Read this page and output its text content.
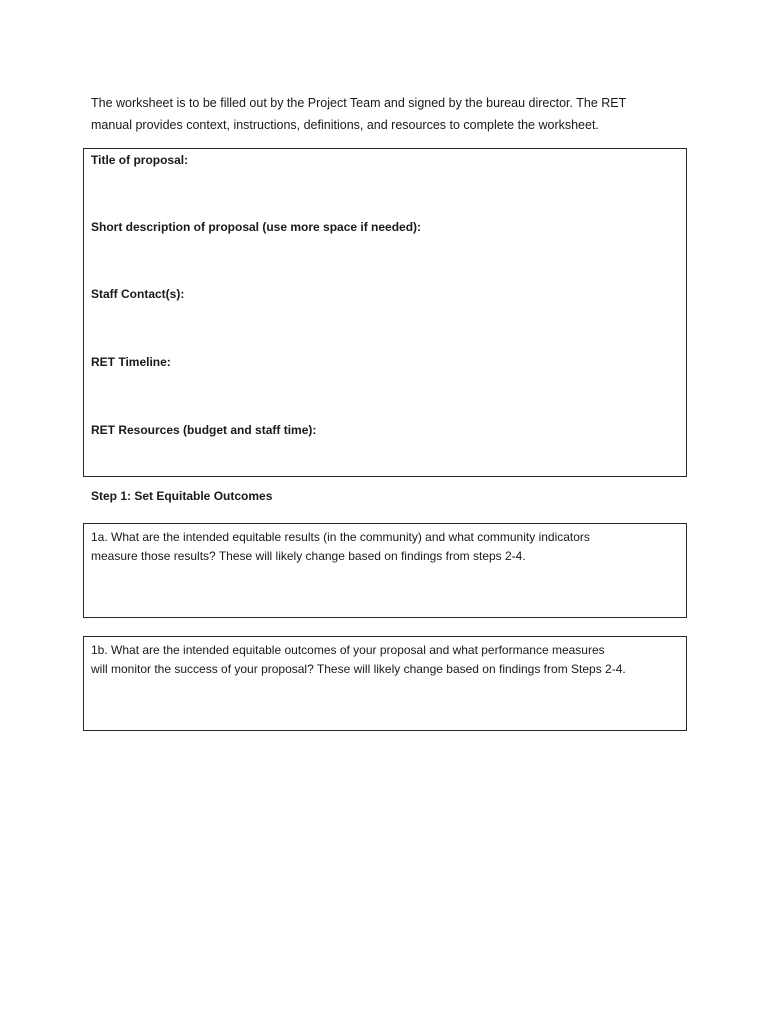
The worksheet is to be filled out by the Project Team and signed by the bureau director. The RET
manual provides context, instructions, definitions, and resources to complete the worksheet.

Title of proposal:

Short description of proposal (use more space if needed):

Staff Contact(s):

RET Timeline:

RET Resources (budget and staff time):

Step 1: Set Equitable Outcomes

1a. What are the intended equitable results (in the community) and what community indicators
measure those results? These will likely change based on findings from steps 2-4.

1b. What are the intended equitable outcomes of your proposal and what performance measures
will monitor the success of your proposal? These will likely change based on findings from Steps 2-4.
